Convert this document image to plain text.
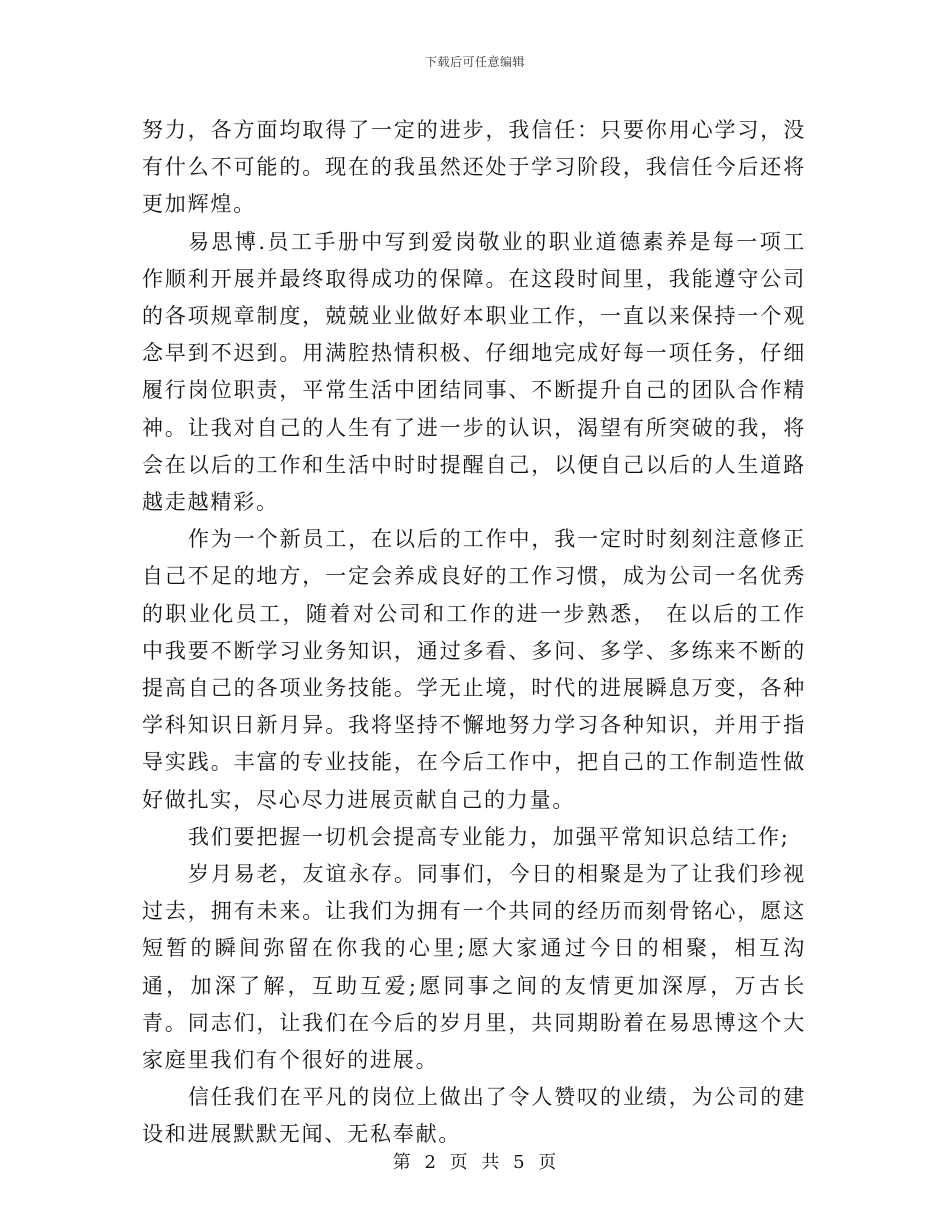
下载后可任意编辑

努力，各方面均取得了一定的进步，我信任：只要你用心学习，没有什么不可能的。现在的我虽然还处于学习阶段，我信任今后还将更加辉煌。

易思博.员工手册中写到爱岗敬业的职业道德素养是每一项工作顺利开展并最终取得成功的保障。在这段时间里，我能遵守公司的各项规章制度，兢兢业业做好本职业工作，一直以来保持一个观念早到不迟到。用满腔热情积极、仔细地完成好每一项任务，仔细履行岗位职责，平常生活中团结同事、不断提升自己的团队合作精神。让我对自己的人生有了进一步的认识，渴望有所突破的我，将会在以后的工作和生活中时时提醒自己，以便自己以后的人生道路越走越精彩。

作为一个新员工，在以后的工作中，我一定时时刻刻注意修正自己不足的地方，一定会养成良好的工作习惯，成为公司一名优秀的职业化员工，随着对公司和工作的进一步熟悉， 在以后的工作中我要不断学习业务知识，通过多看、多问、多学、多练来不断的提高自己的各项业务技能。学无止境，时代的进展瞬息万变，各种学科知识日新月异。我将坚持不懈地努力学习各种知识，并用于指导实践。丰富的专业技能，在今后工作中，把自己的工作制造性做好做扎实，尽心尽力进展贡献自己的力量。

我们要把握一切机会提高专业能力，加强平常知识总结工作;

岁月易老，友谊永存。同事们，今日的相聚是为了让我们珍视过去，拥有未来。让我们为拥有一个共同的经历而刻骨铭心，愿这短暂的瞬间弥留在你我的心里;愿大家通过今日的相聚，相互沟通，加深了解，互助互爱;愿同事之间的友情更加深厚，万古长青。同志们，让我们在今后的岁月里，共同期盼着在易思博这个大家庭里我们有个很好的进展。

信任我们在平凡的岗位上做出了令人赞叹的业绩，为公司的建设和进展默默无闻、无私奉献。

第 2 页 共 5 页
